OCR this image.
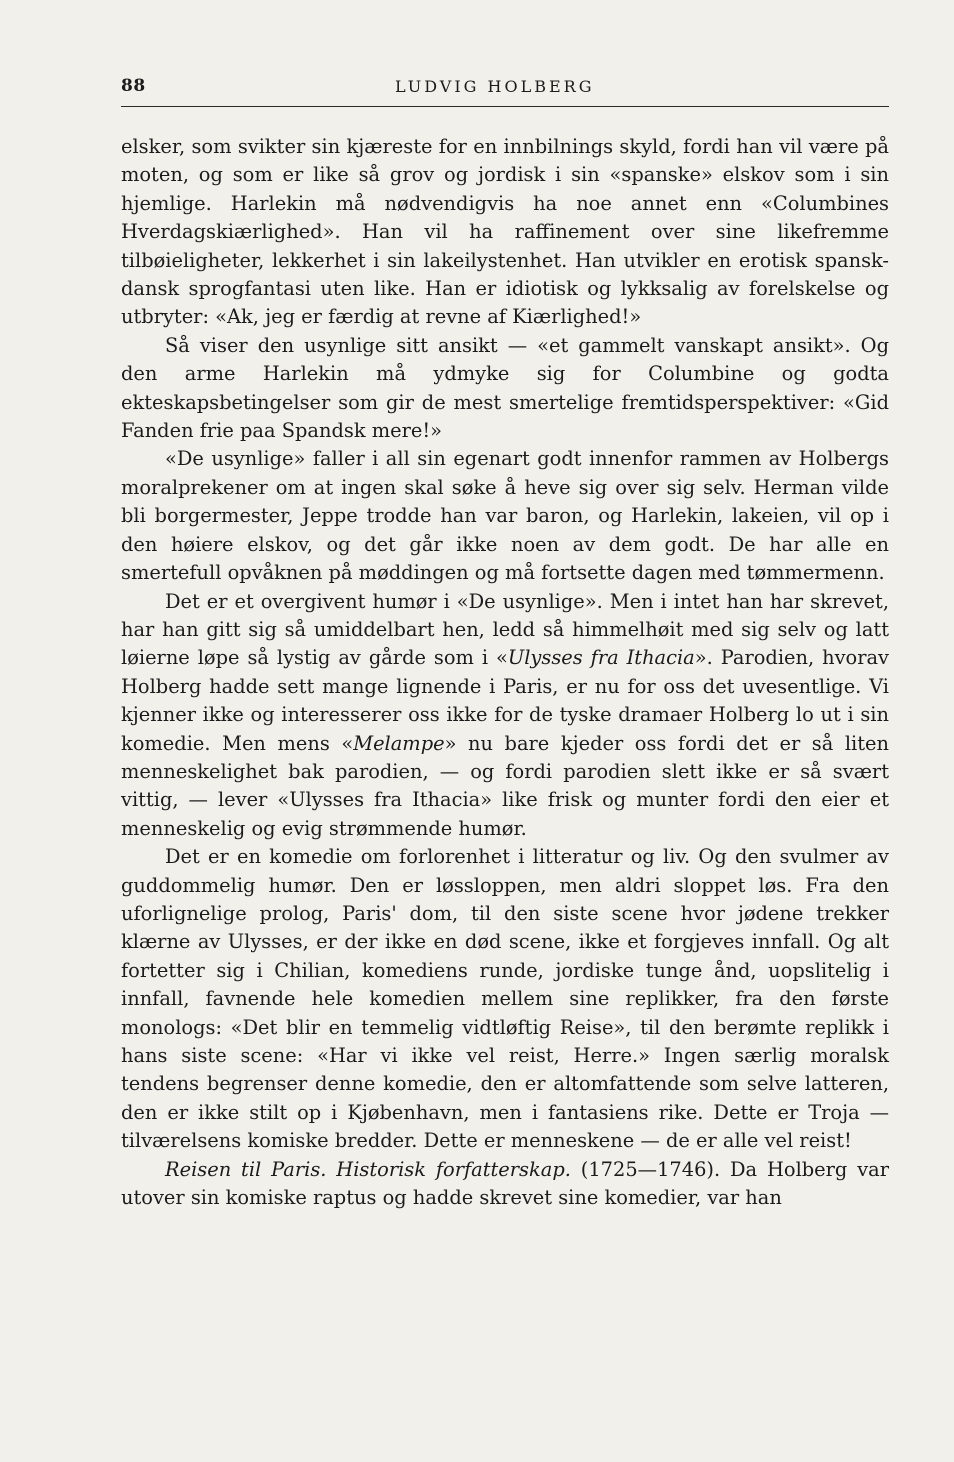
88	LUDVIG HOLBERG

elsker, som svikter sin kjæreste for en innbilnings skyld, fordi han vil være på moten, og som er like så grov og jordisk i sin «spanske» elskov som i sin hjemlige. Harlekin må nødvendigvis ha noe annet enn «Columbines Hverdagskiærlighed». Han vil ha raffinement over sine likefremme tilbøieligheter, lekkerhet i sin lakeilystenhet. Han utvikler en erotisk spansk-dansk sprogfantasi uten like. Han er idiotisk og lykksalig av forelskelse og utbryter: «Ak, jeg er færdig at revne af Kiærlighed!»

Så viser den usynlige sitt ansikt — «et gammelt vanskapt ansikt». Og den arme Harlekin må ydmyke sig for Columbine og godta ekteskapsbetingelser som gir de mest smertelige fremtidsperspektiver: «Gid Fanden frie paa Spandsk mere!»

«De usynlige» faller i all sin egenart godt innenfor rammen av Holbergs moralprekener om at ingen skal søke å heve sig over sig selv. Herman vilde bli borgermester, Jeppe trodde han var baron, og Harlekin, lakeien, vil op i den høiere elskov, og det går ikke noen av dem godt. De har alle en smertefull opvåknen på møddingen og må fortsette dagen med tømmermenn.

Det er et overgivent humør i «De usynlige». Men i intet han har skrevet, har han gitt sig så umiddelbart hen, ledd så himmelhøit med sig selv og latt løierne løpe så lystig av gårde som i «Ulysses fra Ithacia». Parodien, hvorav Holberg hadde sett mange lignende i Paris, er nu for oss det uvesentlige. Vi kjenner ikke og interesserer oss ikke for de tyske dramaer Holberg lo ut i sin komedie. Men mens «Melampe» nu bare kjeder oss fordi det er så liten menneskelighet bak parodien, — og fordi parodien slett ikke er så svært vittig, — lever «Ulysses fra Ithacia» like frisk og munter fordi den eier et menneskelig og evig strømmende humør.

Det er en komedie om forlorenhet i litteratur og liv. Og den svulmer av guddommelig humør. Den er løssloppen, men aldri sloppet løs. Fra den uforlignelige prolog, Paris' dom, til den siste scene hvor jødene trekker klærne av Ulysses, er der ikke en død scene, ikke et forgjeves innfall. Og alt fortetter sig i Chilian, komediens runde, jordiske tunge ånd, uopslitelig i innfall, favnende hele komedien mellem sine replikker, fra den første monologs: «Det blir en temmelig vidtløftig Reise», til den berømte replikk i hans siste scene: «Har vi ikke vel reist, Herre.» Ingen særlig moralsk tendens begrenser denne komedie, den er altomfattende som selve latteren, den er ikke stilt op i Kjøbenhavn, men i fantasiens rike. Dette er Troja — tilværelsens komiske bredder. Dette er menneskene — de er alle vel reist!

Reisen til Paris. Historisk forfatterskap. (1725—1746). Da Holberg var utover sin komiske raptus og hadde skrevet sine komedier, var han
